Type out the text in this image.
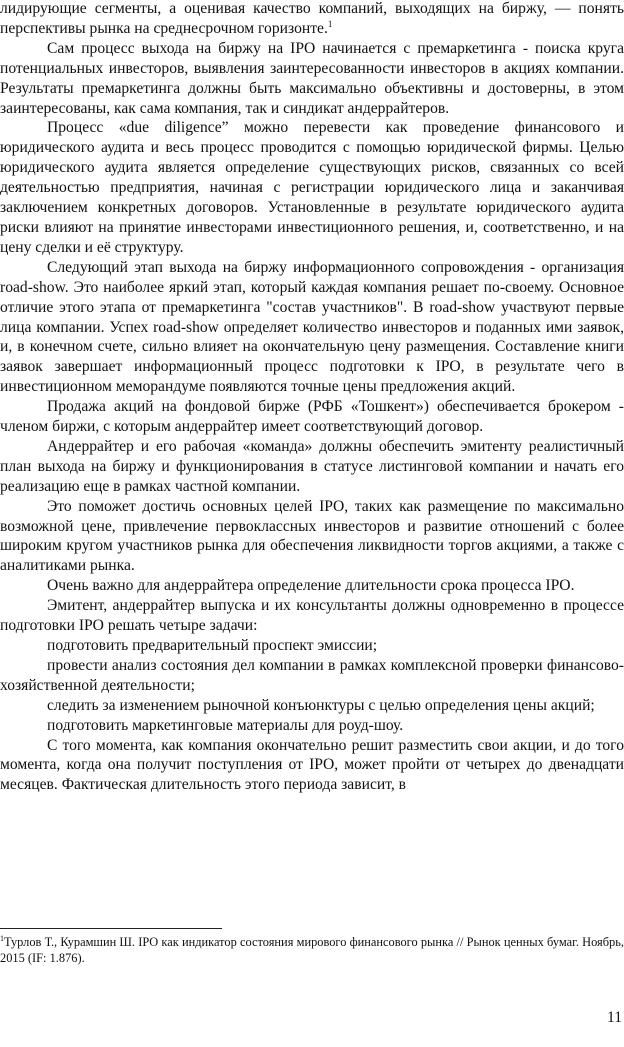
лидирующие сегменты, а оценивая качество компаний, выходящих на биржу, — понять перспективы рынка на среднесрочном горизонте.$^1$

Сам процесс выхода на биржу на IPO начинается с премаркетинга - поиска круга потенциальных инвесторов, выявления заинтересованности инвесторов в акциях компании. Результаты премаркетинга должны быть максимально объективны и достоверны, в этом заинтересованы, как сама компания, так и синдикат андеррайтеров.

Процесс «due diligence” можно перевести как проведение финансового и юридического аудита и весь процесс проводится с помощью юридической фирмы. Целью юридического аудита является определение существующих рисков, связанных со всей деятельностью предприятия, начиная с регистрации юридического лица и заканчивая заключением конкретных договоров. Установленные в результате юридического аудита риски влияют на принятие инвесторами инвестиционного решения, и, соответственно, и на цену сделки и её структуру.

Следующий этап выхода на биржу информационного сопровождения - организация road-show. Это наиболее яркий этап, который каждая компания решает по-своему. Основное отличие этого этапа от премаркетинга "состав участников". В road-show участвуют первые лица компании. Успех road-show определяет количество инвесторов и поданных ими заявок, и, в конечном счете, сильно влияет на окончательную цену размещения. Составление книги заявок завершает информационный процесс подготовки к IPO, в результате чего в инвестиционном меморандуме появляются точные цены предложения акций.

Продажа акций на фондовой бирже (РФБ «Тошкент») обеспечивается брокером - членом биржи, с которым андеррайтер имеет соответствующий договор.

Андеррайтер и его рабочая «команда» должны обеспечить эмитенту реалистичный план выхода на биржу и функционирования в статусе листинговой компании и начать его реализацию еще в рамках частной компании.

Это поможет достичь основных целей IPO, таких как размещение по максимально возможной цене, привлечение первоклассных инвесторов и развитие отношений с более широким кругом участников рынка для обеспечения ликвидности торгов акциями, а также с аналитиками рынка.

Очень важно для андеррайтера определение длительности срока процесса IPO.

Эмитент, андеррайтер выпуска и их консультанты должны одновременно в процессе подготовки IPO решать четыре задачи:

подготовить предварительный проспект эмиссии;

провести анализ состояния дел компании в рамках комплексной проверки финансово-хозяйственной деятельности;

следить за изменением рыночной конъюнктуры с целью определения цены акций;

подготовить маркетинговые материалы для роуд-шоу.

С того момента, как компания окончательно решит разместить свои акции, и до того момента, когда она получит поступления от IPO, может пройти от четырех до двенадцати месяцев. Фактическая длительность этого периода зависит, в

$^1$Турлов Т., Курамшин Ш. IPO как индикатор состояния мирового финансового рынка // Рынок ценных бумаг. Ноябрь, 2015 (IF: 1.876).

11
